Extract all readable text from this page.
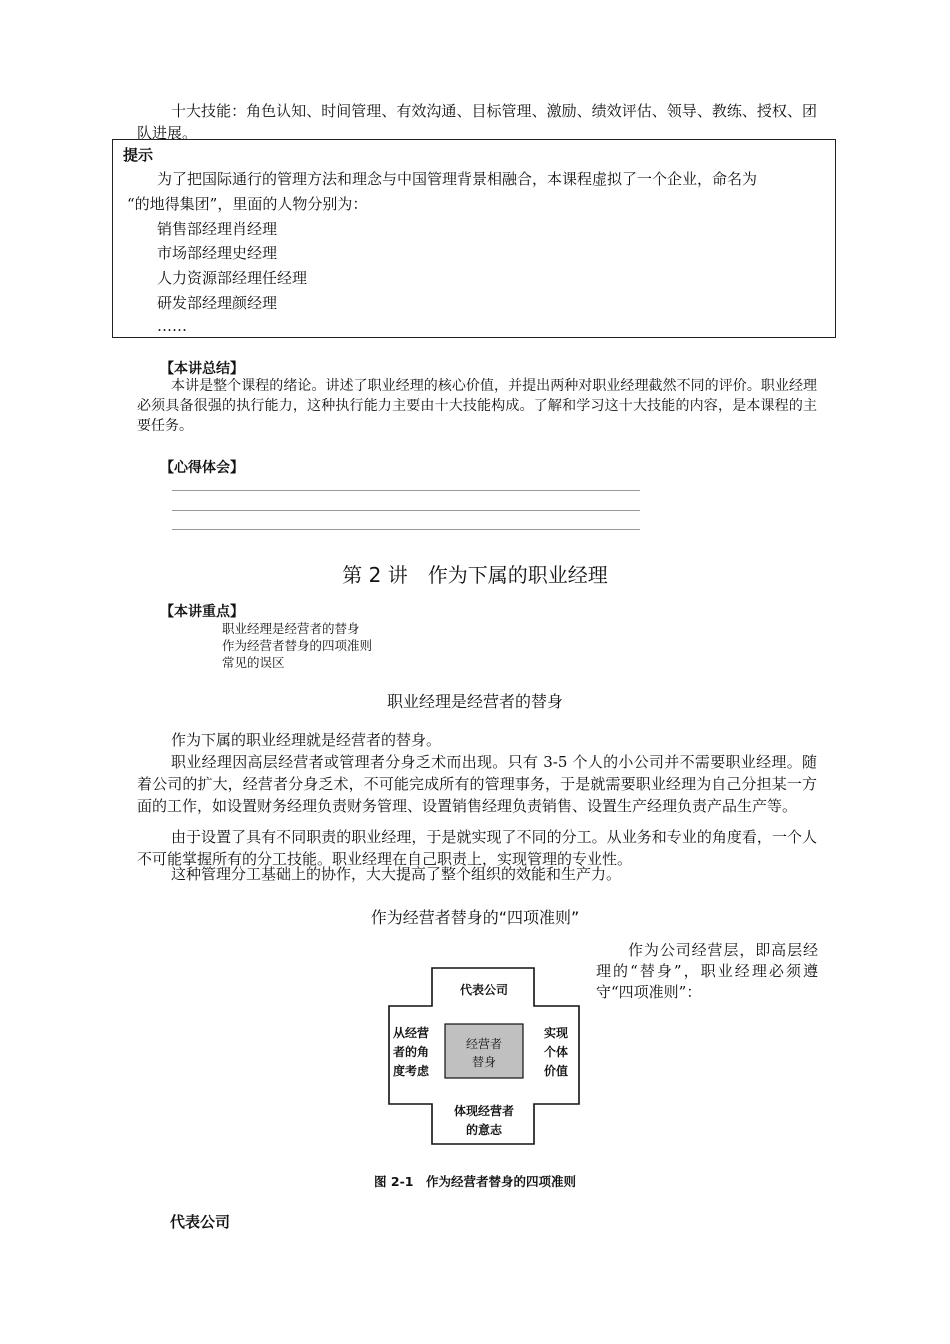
十大技能：角色认知、时间管理、有效沟通、目标管理、激励、绩效评估、领导、教练、授权、团队进展。

提示
为了把国际通行的管理方法和理念与中国管理背景相融合，本课程虚拟了一个企业，命名为
“的地得集团”，里面的人物分别为：
销售部经理肖经理
市场部经理史经理
人力资源部经理任经理
研发部经理颜经理
……
【本讲总结】

本讲是整个课程的绪论。讲述了职业经理的核心价值，并提出两种对职业经理截然不同的评价。职业经理必须具备很强的执行能力，这种执行能力主要由十大技能构成。了解和学习这十大技能的内容，是本课程的主要任务。

【心得体会】
第 2 讲　作为下属的职业经理
【本讲重点】
职业经理是经营者的替身
作为经营者替身的四项准则
常见的误区
职业经理是经营者的替身

作为下属的职业经理就是经营者的替身。

职业经理因高层经营者或管理者分身乏术而出现。只有 3-5 个人的小公司并不需要职业经理。随着公司的扩大，经营者分身乏术，不可能完成所有的管理事务，于是就需要职业经理为自己分担某一方面的工作，如设置财务经理负责财务管理、设置销售经理负责销售、设置生产经理负责产品生产等。

由于设置了具有不同职责的职业经理，于是就实现了不同的分工。从业务和专业的角度看，一个人不可能掌握所有的分工技能。职业经理在自己职责上，实现管理的专业性。

这种管理分工基础上的协作，大大提高了整个组织的效能和生产力。

作为经营者替身的“四项准则”

作为公司经营层，即高层经理的“替身”，职业经理必须遵守“四项准则”：

代表公司
从经营
者的角
度考虑
实现
个体
价值
经营者
替身
体现经营者
的意志
图 2-1　作为经营者替身的四项准则
代表公司
